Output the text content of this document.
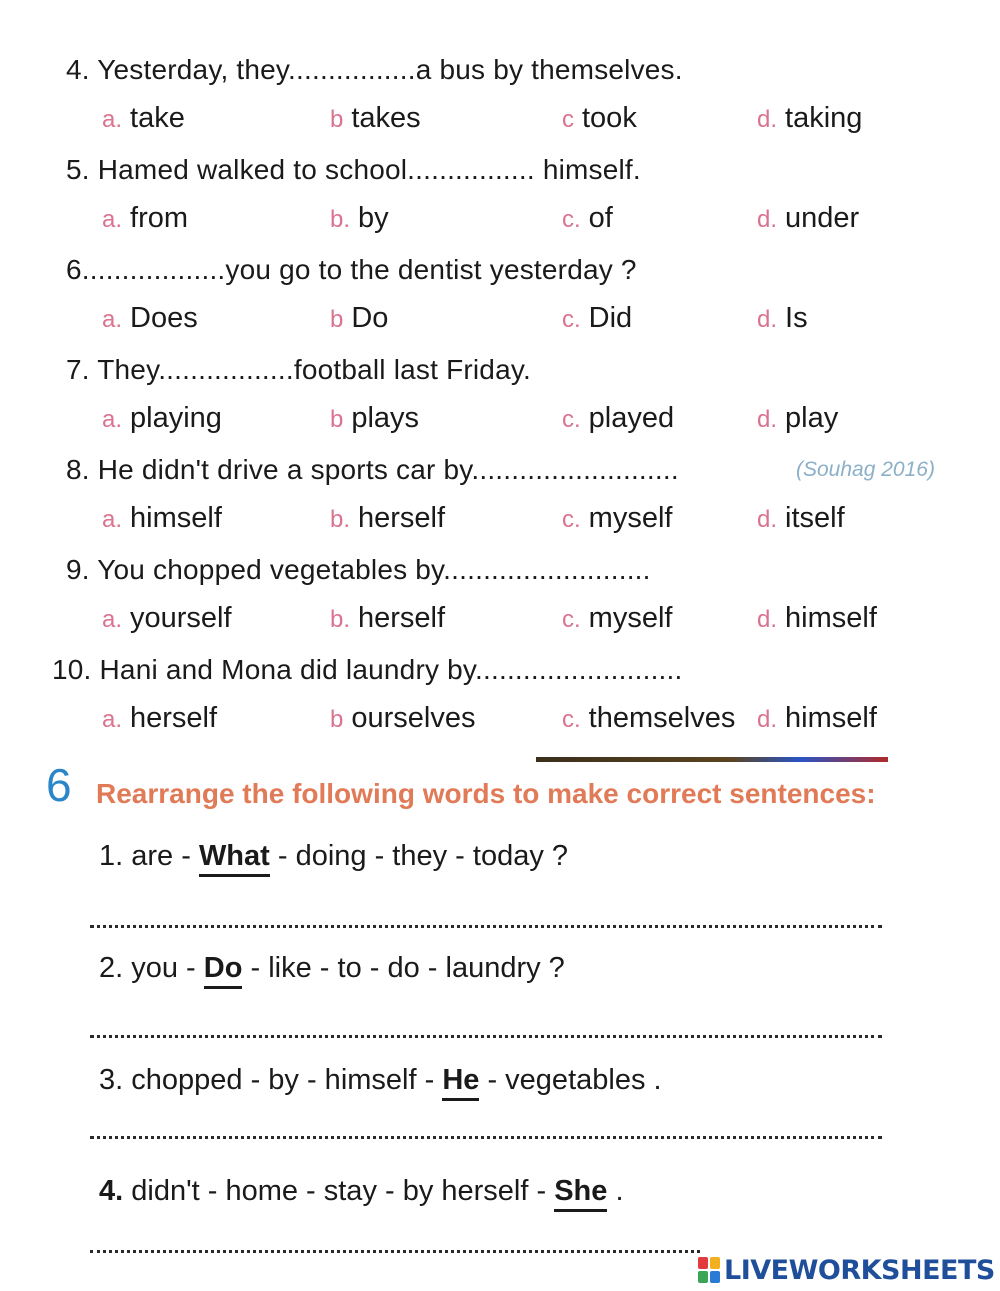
4. Yesterday, they................a bus by themselves.
a. take	b takes	c took	d. taking
5. Hamed walked to school................ himself.
a. from	b. by	c. of	d. under
6..................you go to the dentist yesterday ?
a. Does	b Do	c. Did	d. Is
7. They.................football last Friday.
a. playing	b plays	c. played	d. play
8. He didn't drive a sports car by..........................
a. himself	b. herself	c. myself	d. itself
(Souhag 2016)
9. You chopped vegetables by..........................
a. yourself	b. herself	c. myself	d. himself
10. Hani and Mona did laundry by..........................
a. herself	b ourselves	c. themselves d. himself
6 Rearrange the following words to make correct sentences:
1. are - What - doing - they - today ?
2. you - Do - like - to - do - laundry ?
3. chopped - by - himself - He - vegetables .
4. didn't - home - stay - by herself - She .
LIVEWORKSHEETS
